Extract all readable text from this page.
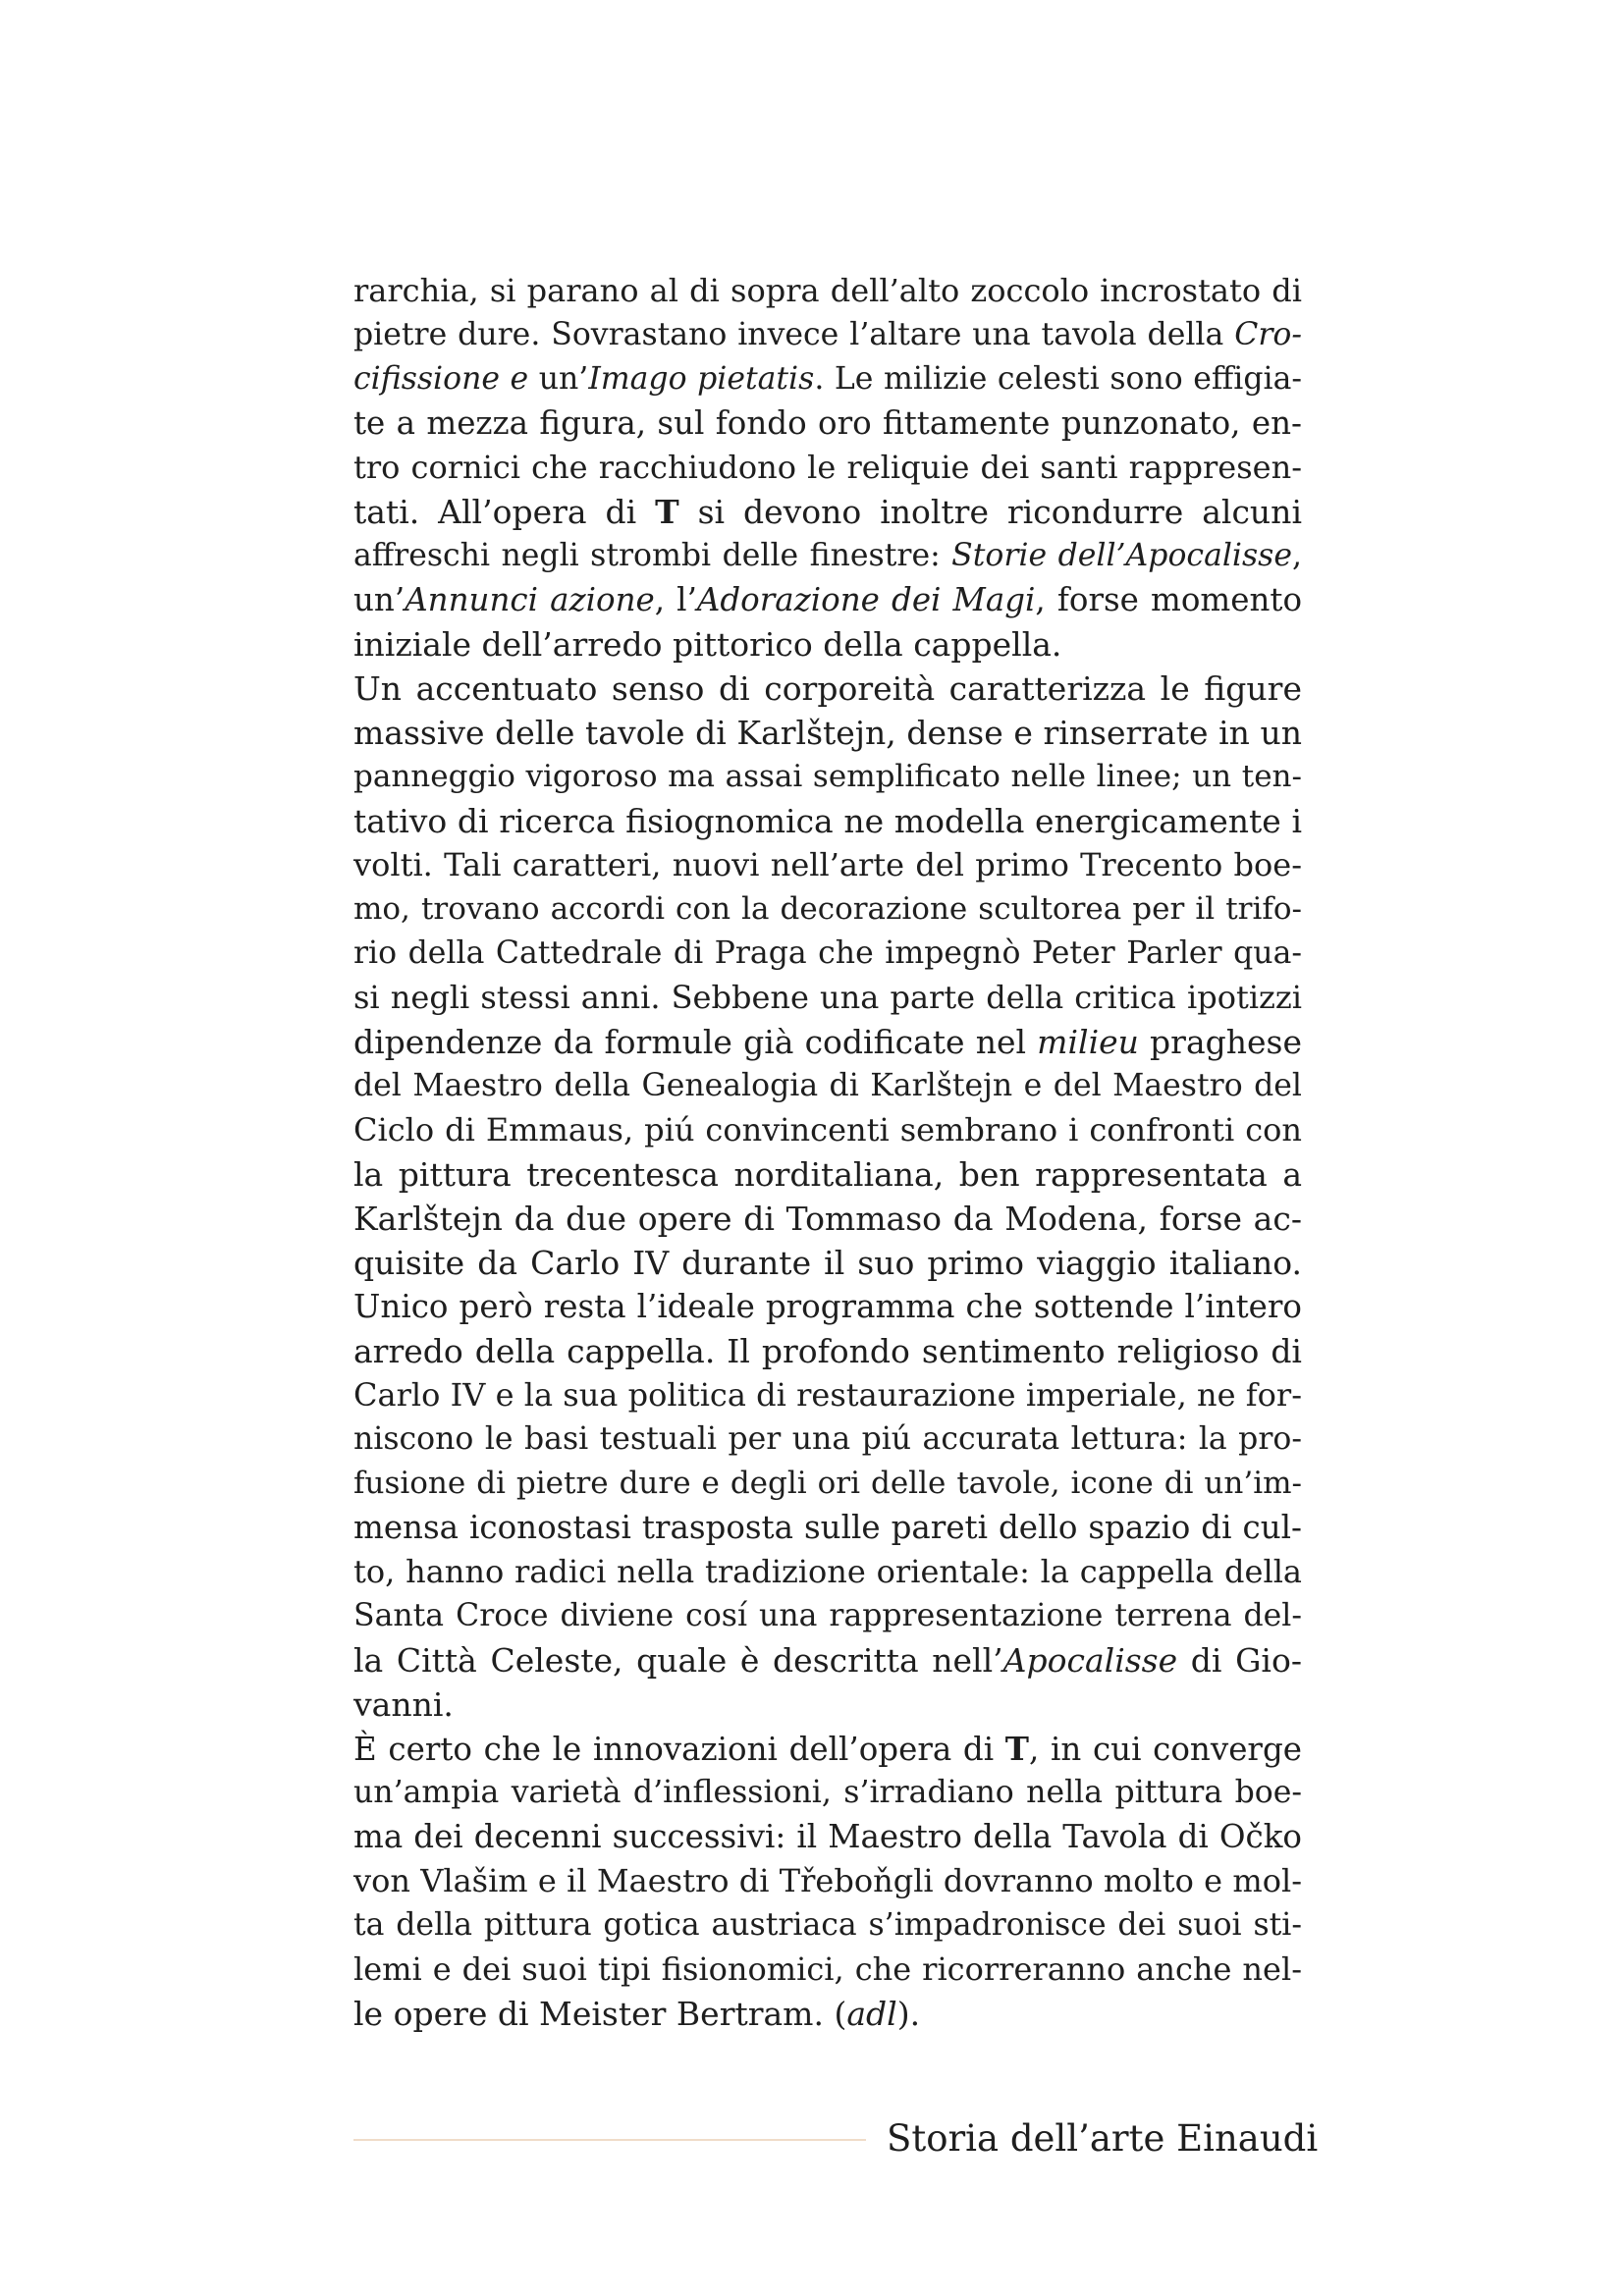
rarchia, si parano al di sopra dell’alto zoccolo incrostato di
pietre dure. Sovrastano invece l’altare una tavola della Cro-
cifissione e un’Imago pietatis. Le milizie celesti sono effigia-
te a mezza figura, sul fondo oro fittamente punzonato, en-
tro cornici che racchiudono le reliquie dei santi rappresen-
tati. All’opera di T si devono inoltre ricondurre alcuni
affreschi negli strombi delle finestre: Storie dell’Apocalisse,
un’Annunci azione, l’Adorazione dei Magi, forse momento
iniziale dell’arredo pittorico della cappella.
Un accentuato senso di corporeità caratterizza le figure
massive delle tavole di Karlštejn, dense e rinserrate in un
panneggio vigoroso ma assai semplificato nelle linee; un ten-
tativo di ricerca fisiognomica ne modella energicamente i
volti. Tali caratteri, nuovi nell’arte del primo Trecento boe-
mo, trovano accordi con la decorazione scultorea per il trifo-
rio della Cattedrale di Praga che impegnò Peter Parler qua-
si negli stessi anni. Sebbene una parte della critica ipotizzi
dipendenze da formule già codificate nel milieu praghese
del Maestro della Genealogia di Karlštejn e del Maestro del
Ciclo di Emmaus, piú convincenti sembrano i confronti con
la pittura trecentesca norditaliana, ben rappresentata a
Karlštejn da due opere di Tommaso da Modena, forse ac-
quisite da Carlo IV durante il suo primo viaggio italiano.
Unico però resta l’ideale programma che sottende l’intero
arredo della cappella. Il profondo sentimento religioso di
Carlo IV e la sua politica di restaurazione imperiale, ne for-
niscono le basi testuali per una piú accurata lettura: la pro-
fusione di pietre dure e degli ori delle tavole, icone di un’im-
mensa iconostasi trasposta sulle pareti dello spazio di cul-
to, hanno radici nella tradizione orientale: la cappella della
Santa Croce diviene cosí una rappresentazione terrena del-
la Città Celeste, quale è descritta nell’Apocalisse di Gio-
vanni.
È certo che le innovazioni dell’opera di T, in cui converge
un’ampia varietà d’inflessioni, s’irradiano nella pittura boe-
ma dei decenni successivi: il Maestro della Tavola di Očko
von Vlašim e il Maestro di Třeboňgli dovranno molto e mol-
ta della pittura gotica austriaca s’impadronisce dei suoi sti-
lemi e dei suoi tipi fisionomici, che ricorreranno anche nel-
le opere di Meister Bertram. (adl).
Storia dell’arte Einaudi
